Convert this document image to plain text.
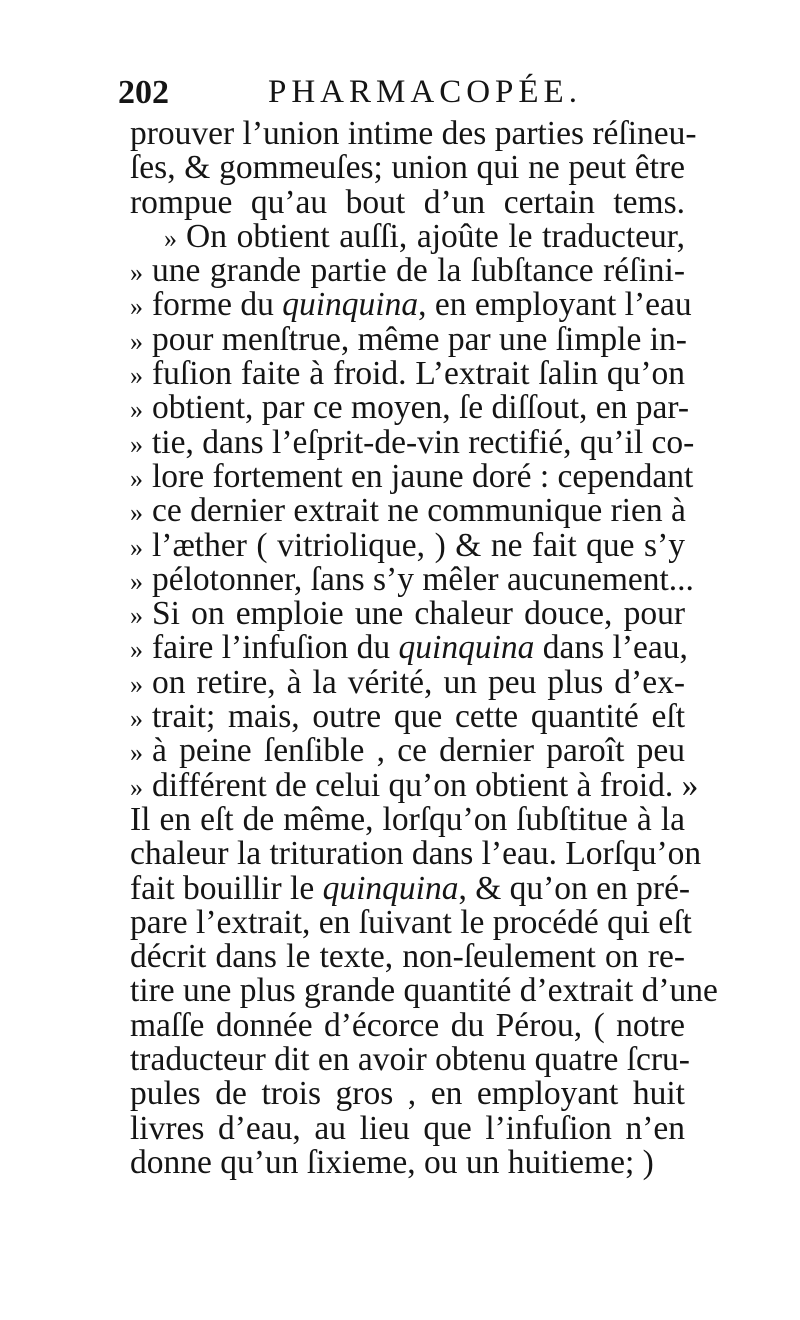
202	PHARMACOPÉE.
prouver l’union intime des parties réſineu-
ſes, & gommeuſes; union qui ne peut être
rompue qu’au bout d’un certain tems.
» On obtient auſſi, ajoûte le traducteur,
» une grande partie de la ſubſtance réſini-
» forme du quinquina, en employant l’eau
» pour menſtrue, même par une ſimple in-
» fuſion faite à froid. L’extrait ſalin qu’on
» obtient, par ce moyen, ſe diſſout, en par-
» tie, dans l’eſprit-de-vin rectifié, qu’il co-
» lore fortement en jaune doré : cependant
» ce dernier extrait ne communique rien à
» l’æther ( vitriolique, ) & ne fait que s’y
» pélotonner, ſans s’y mêler aucunement...
» Si on emploie une chaleur douce, pour
» faire l’infuſion du quinquina dans l’eau,
» on retire, à la vérité, un peu plus d’ex-
» trait; mais, outre que cette quantité eſt
» à peine ſenſible , ce dernier paroît peu
» différent de celui qu’on obtient à froid. »
Il en eſt de même, lorſqu’on ſubſtitue à la
chaleur la trituration dans l’eau. Lorſqu’on
fait bouillir le quinquina, & qu’on en pré-
pare l’extrait, en ſuivant le procédé qui eſt
décrit dans le texte, non-ſeulement on re-
tire une plus grande quantité d’extrait d’une
maſſe donnée d’écorce du Pérou, ( notre
traducteur dit en avoir obtenu quatre ſcru-
pules de trois gros , en employant huit
livres d’eau, au lieu que l’infuſion n’en
donne qu’un ſixieme, ou un huitieme; )
